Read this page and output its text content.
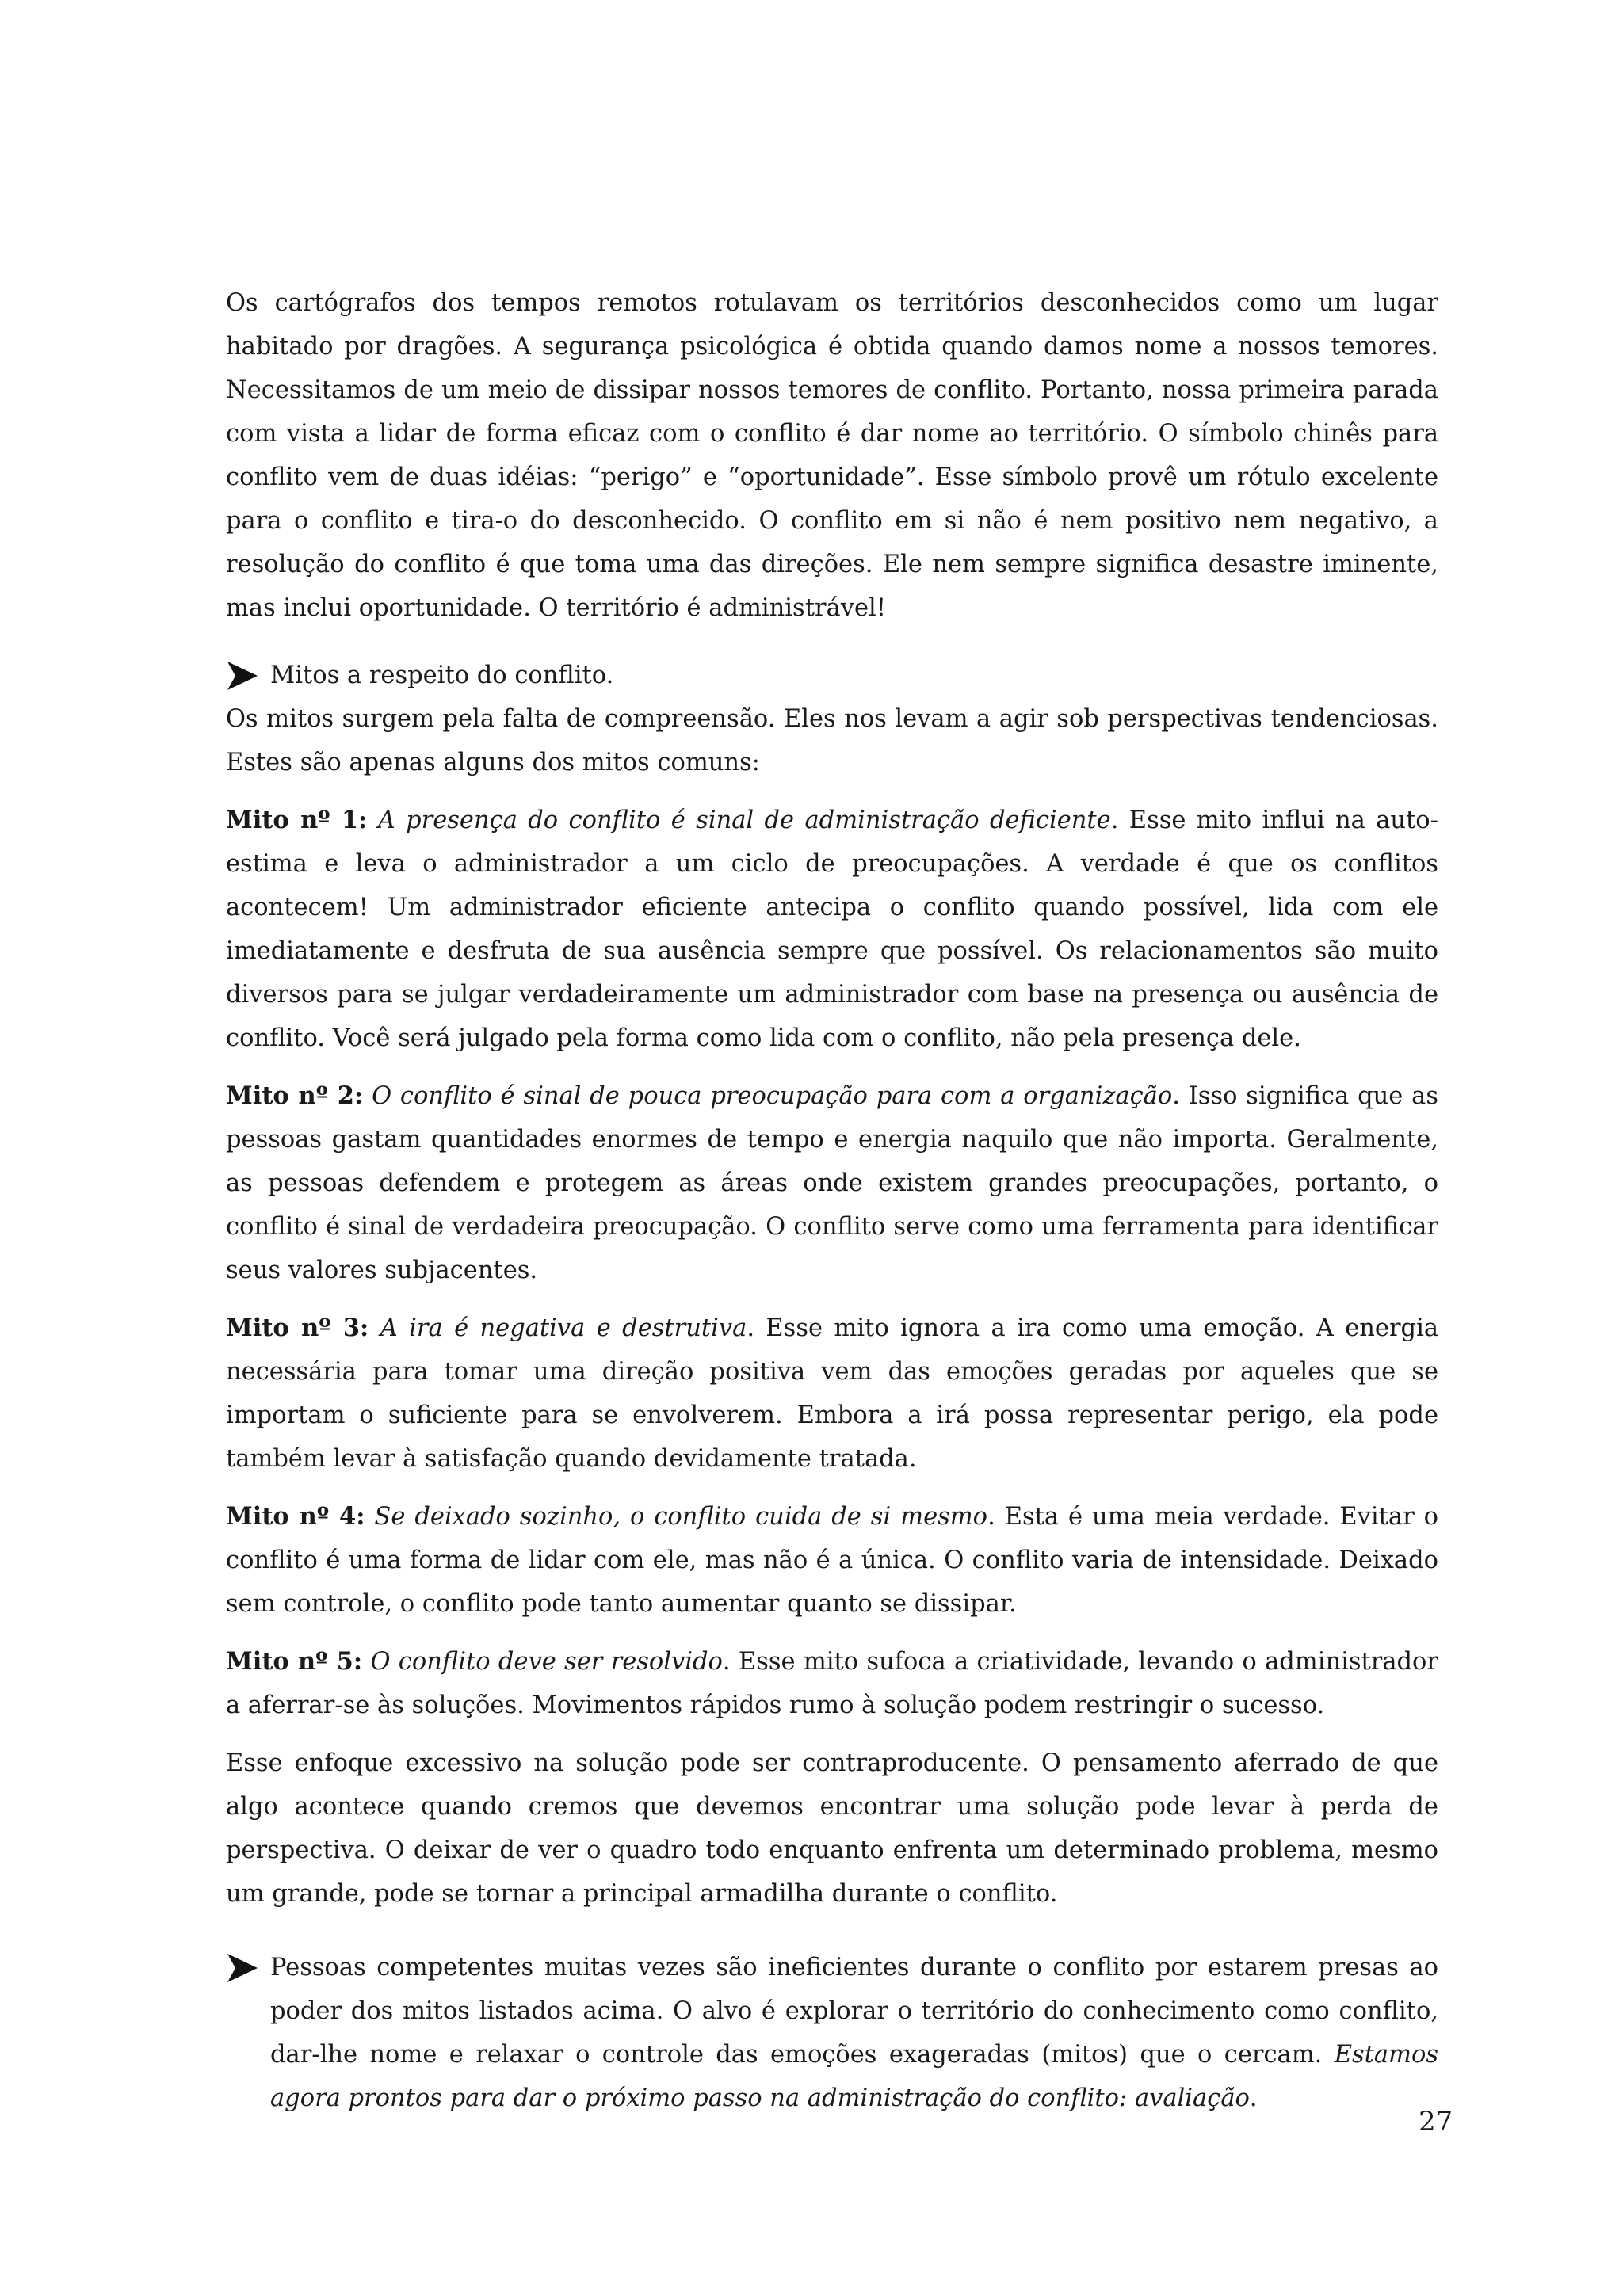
Os cartógrafos dos tempos remotos rotulavam os territórios desconhecidos como um lugar habitado por dragões. A segurança psicológica é obtida quando damos nome a nossos temores. Necessitamos de um meio de dissipar nossos temores de conflito. Portanto, nossa primeira parada com vista a lidar de forma eficaz com o conflito é dar nome ao território. O símbolo chinês para conflito vem de duas idéias: “perigo” e “oportunidade”. Esse símbolo provê um rótulo excelente para o conflito e tira-o do desconhecido. O conflito em si não é nem positivo nem negativo, a resolução do conflito é que toma uma das direções. Ele nem sempre significa desastre iminente, mas inclui oportunidade. O território é administrável!

Mitos a respeito do conflito.

Os mitos surgem pela falta de compreensão. Eles nos levam a agir sob perspectivas tendenciosas. Estes são apenas alguns dos mitos comuns:

Mito nº 1: A presença do conflito é sinal de administração deficiente. Esse mito influi na auto-estima e leva o administrador a um ciclo de preocupações. A verdade é que os conflitos acontecem! Um administrador eficiente antecipa o conflito quando possível, lida com ele imediatamente e desfruta de sua ausência sempre que possível. Os relacionamentos são muito diversos para se julgar verdadeiramente um administrador com base na presença ou ausência de conflito. Você será julgado pela forma como lida com o conflito, não pela presença dele.

Mito nº 2: O conflito é sinal de pouca preocupação para com a organização. Isso significa que as pessoas gastam quantidades enormes de tempo e energia naquilo que não importa. Geralmente, as pessoas defendem e protegem as áreas onde existem grandes preocupações, portanto, o conflito é sinal de verdadeira preocupação. O conflito serve como uma ferramenta para identificar seus valores subjacentes.

Mito nº 3: A ira é negativa e destrutiva. Esse mito ignora a ira como uma emoção. A energia necessária para tomar uma direção positiva vem das emoções geradas por aqueles que se importam o suficiente para se envolverem. Embora a irá possa representar perigo, ela pode também levar à satisfação quando devidamente tratada.

Mito nº 4: Se deixado sozinho, o conflito cuida de si mesmo. Esta é uma meia verdade. Evitar o conflito é uma forma de lidar com ele, mas não é a única. O conflito varia de intensidade. Deixado sem controle, o conflito pode tanto aumentar quanto se dissipar.

Mito nº 5: O conflito deve ser resolvido. Esse mito sufoca a criatividade, levando o administrador a aferrar-se às soluções. Movimentos rápidos rumo à solução podem restringir o sucesso.

Esse enfoque excessivo na solução pode ser contraproducente. O pensamento aferrado de que algo acontece quando cremos que devemos encontrar uma solução pode levar à perda de perspectiva. O deixar de ver o quadro todo enquanto enfrenta um determinado problema, mesmo um grande, pode se tornar a principal armadilha durante o conflito.

Pessoas competentes muitas vezes são ineficientes durante o conflito por estarem presas ao poder dos mitos listados acima. O alvo é explorar o território do conhecimento como conflito, dar-lhe nome e relaxar o controle das emoções exageradas (mitos) que o cercam. Estamos agora prontos para dar o próximo passo na administração do conflito: avaliação.
27
